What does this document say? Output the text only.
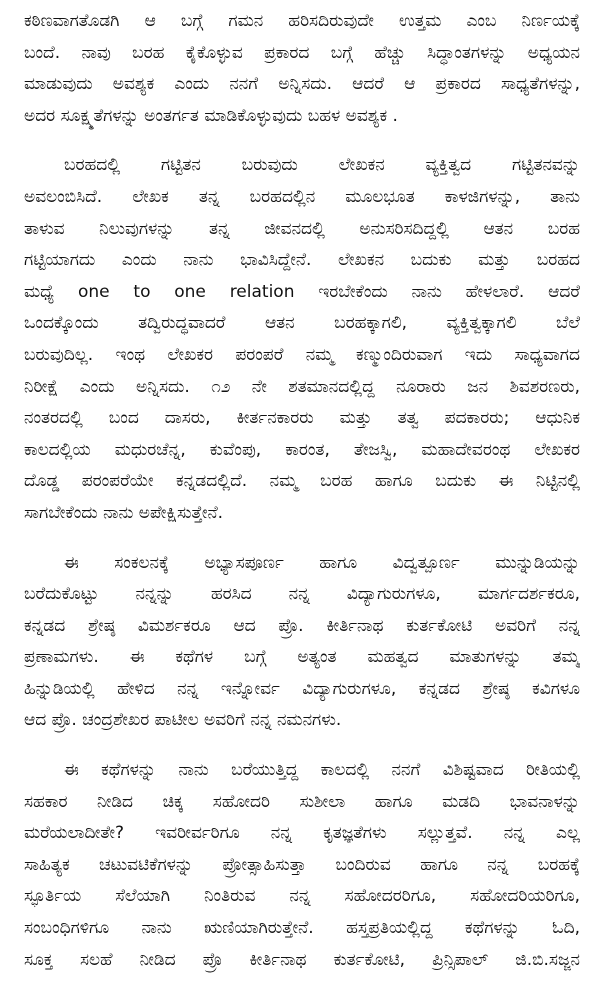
ಕಠಿಣವಾಗತೊಡಗಿ ಆ ಬಗ್ಗೆ ಗಮನ ಹರಿಸದಿರುವುದೇ ಉತ್ತಮ ಎಂಬ ನಿರ್ಣಯಕ್ಕೆ
ಬಂದೆ. ನಾವು ಬರಹ ಕೈಕೊಳ್ಳುವ ಪ್ರಕಾರದ ಬಗ್ಗೆ ಹೆಚ್ಚು ಸಿದ್ಧಾಂತಗಳನ್ನು ಅಧ್ಯಯನ
ಮಾಡುವುದು ಅವಶ್ಯಕ ಎಂದು ನನಗೆ ಅನ್ನಿಸದು. ಆದರೆ ಆ ಪ್ರಕಾರದ ಸಾಧ್ಯತೆಗಳನ್ನು,
ಅದರ ಸೂಕ್ಷ್ಮತೆಗಳನ್ನು ಅಂತರ್ಗತ ಮಾಡಿಕೊಳ್ಳುವುದು ಬಹಳ ಅವಶ್ಯಕ .
ಬರಹದಲ್ಲಿ ಗಟ್ಟಿತನ ಬರುವುದು ಲೇಖಕನ ವ್ಯಕ್ತಿತ್ವದ ಗಟ್ಟಿತನವನ್ನು
ಅವಲಂಬಿಸಿದೆ. ಲೇಖಕ ತನ್ನ ಬರಹದಲ್ಲಿನ ಮೂಲಭೂತ ಕಾಳಜಿಗಳನ್ನು, ತಾನು
ತಾಳುವ ನಿಲುವುಗಳನ್ನು ತನ್ನ ಜೀವನದಲ್ಲಿ ಅನುಸರಿಸದಿದ್ದಲ್ಲಿ ಆತನ ಬರಹ
ಗಟ್ಟಿಯಾಗದು ಎಂದು ನಾನು ಭಾವಿಸಿದ್ದೇನೆ. ಲೇಖಕನ ಬದುಕು ಮತ್ತು ಬರಹದ
ಮಧ್ಯೆ one to one relation ಇರಬೇಕೆಂದು ನಾನು ಹೇಳಲಾರೆ. ಆದರೆ
ಒಂದಕ್ಕೊಂದು ತದ್ವಿರುದ್ಧವಾದರೆ ಆತನ ಬರಹಕ್ಕಾಗಲಿ, ವ್ಯಕ್ತಿತ್ವಕ್ಕಾಗಲಿ ಬೆಲೆ
ಬರುವುದಿಲ್ಲ. ಇಂಥ ಲೇಖಕರ ಪರಂಪರೆ ನಮ್ಮ ಕಣ್ಮುಂದಿರುವಾಗ ಇದು ಸಾಧ್ಯವಾಗದ
ನಿರೀಕ್ಷೆ ಎಂದು ಅನ್ನಿಸದು. ೧೨ ನೇ ಶತಮಾನದಲ್ಲಿದ್ದ ನೂರಾರು ಜನ ಶಿವಶರಣರು,
ನಂತರದಲ್ಲಿ ಬಂದ ದಾಸರು, ಕೀರ್ತನಕಾರರು ಮತ್ತು ತತ್ವ ಪದಕಾರರು; ಆಧುನಿಕ
ಕಾಲದಲ್ಲಿಯ ಮಧುರಚೆನ್ನ, ಕುವೆಂಪು, ಕಾರಂತ, ತೇಜಸ್ವಿ, ಮಹಾದೇವರಂಥ ಲೇಖಕರ
ದೊಡ್ಡ ಪರಂಪರೆಯೇ ಕನ್ನಡದಲ್ಲಿದೆ. ನಮ್ಮ ಬರಹ ಹಾಗೂ ಬದುಕು ಈ ನಿಟ್ಟಿನಲ್ಲಿ
ಸಾಗಬೇಕೆಂದು ನಾನು ಅಪೇಕ್ಷಿಸುತ್ತೇನೆ.
ಈ ಸಂಕಲನಕ್ಕೆ ಅಭ್ಯಾಸಪೂರ್ಣ ಹಾಗೂ ವಿದ್ವತ್ಪೂರ್ಣ ಮುನ್ನುಡಿಯನ್ನು
ಬರೆದುಕೊಟ್ಟು ನನ್ನನ್ನು ಹರಸಿದ ನನ್ನ ವಿದ್ಯಾಗುರುಗಳೂ, ಮಾರ್ಗದರ್ಶಕರೂ,
ಕನ್ನಡದ ಶ್ರೇಷ್ಠ ವಿಮರ್ಶಕರೂ ಆದ ಪ್ರೊ. ಕೀರ್ತಿನಾಥ ಕುರ್ತಕೋಟಿ ಅವರಿಗೆ ನನ್ನ
ಪ್ರಣಾಮಗಳು. ಈ ಕಥೆಗಳ ಬಗ್ಗೆ ಅತ್ಯಂತ ಮಹತ್ವದ ಮಾತುಗಳನ್ನು ತಮ್ಮ
ಹಿನ್ನುಡಿಯಲ್ಲಿ ಹೇಳಿದ ನನ್ನ ಇನ್ನೋರ್ವ ವಿದ್ಯಾಗುರುಗಳೂ, ಕನ್ನಡದ ಶ್ರೇಷ್ಠ ಕವಿಗಳೂ
ಆದ ಪ್ರೊ. ಚಂದ್ರಶೇಖರ ಪಾಟೀಲ ಅವರಿಗೆ ನನ್ನ ನಮನಗಳು.
ಈ ಕಥೆಗಳನ್ನು ನಾನು ಬರೆಯುತ್ತಿದ್ದ ಕಾಲದಲ್ಲಿ ನನಗೆ ವಿಶಿಷ್ಟವಾದ ರೀತಿಯಲ್ಲಿ
ಸಹಕಾರ ನೀಡಿದ ಚಿಕ್ಕ ಸಹೋದರಿ ಸುಶೀಲಾ ಹಾಗೂ ಮಡದಿ ಭಾವನಾಳನ್ನು
ಮರೆಯಲಾದೀತೇ? ಇವರೀರ್ವರಿಗೂ ನನ್ನ ಕೃತಜ್ಞತೆಗಳು ಸಲ್ಲುತ್ತವೆ. ನನ್ನ ಎಲ್ಲ
ಸಾಹಿತ್ಯಕ ಚಟುವಟಿಕೆಗಳನ್ನು ಪ್ರೋತ್ಸಾಹಿಸುತ್ತಾ ಬಂದಿರುವ ಹಾಗೂ ನನ್ನ ಬರಹಕ್ಕೆ
ಸ್ಫೂರ್ತಿಯ ಸೆಲೆಯಾಗಿ ನಿಂತಿರುವ ನನ್ನ ಸಹೋದರರಿಗೂ, ಸಹೋದರಿಯರಿಗೂ,
ಸಂಬಂಧಿಗಳಿಗೂ ನಾನು ಋಣಿಯಾಗಿರುತ್ತೇನೆ. ಹಸ್ತಪ್ರತಿಯಲ್ಲಿದ್ದ ಕಥೆಗಳನ್ನು ಓದಿ,
ಸೂಕ್ತ ಸಲಹೆ ನೀಡಿದ ಪ್ರೊ ಕೀರ್ತಿನಾಥ ಕುರ್ತಕೋಟಿ, ಪ್ರಿನ್ಸಿಪಾಲ್ ಜಿ.ಬಿ.ಸಜ್ಜನ
